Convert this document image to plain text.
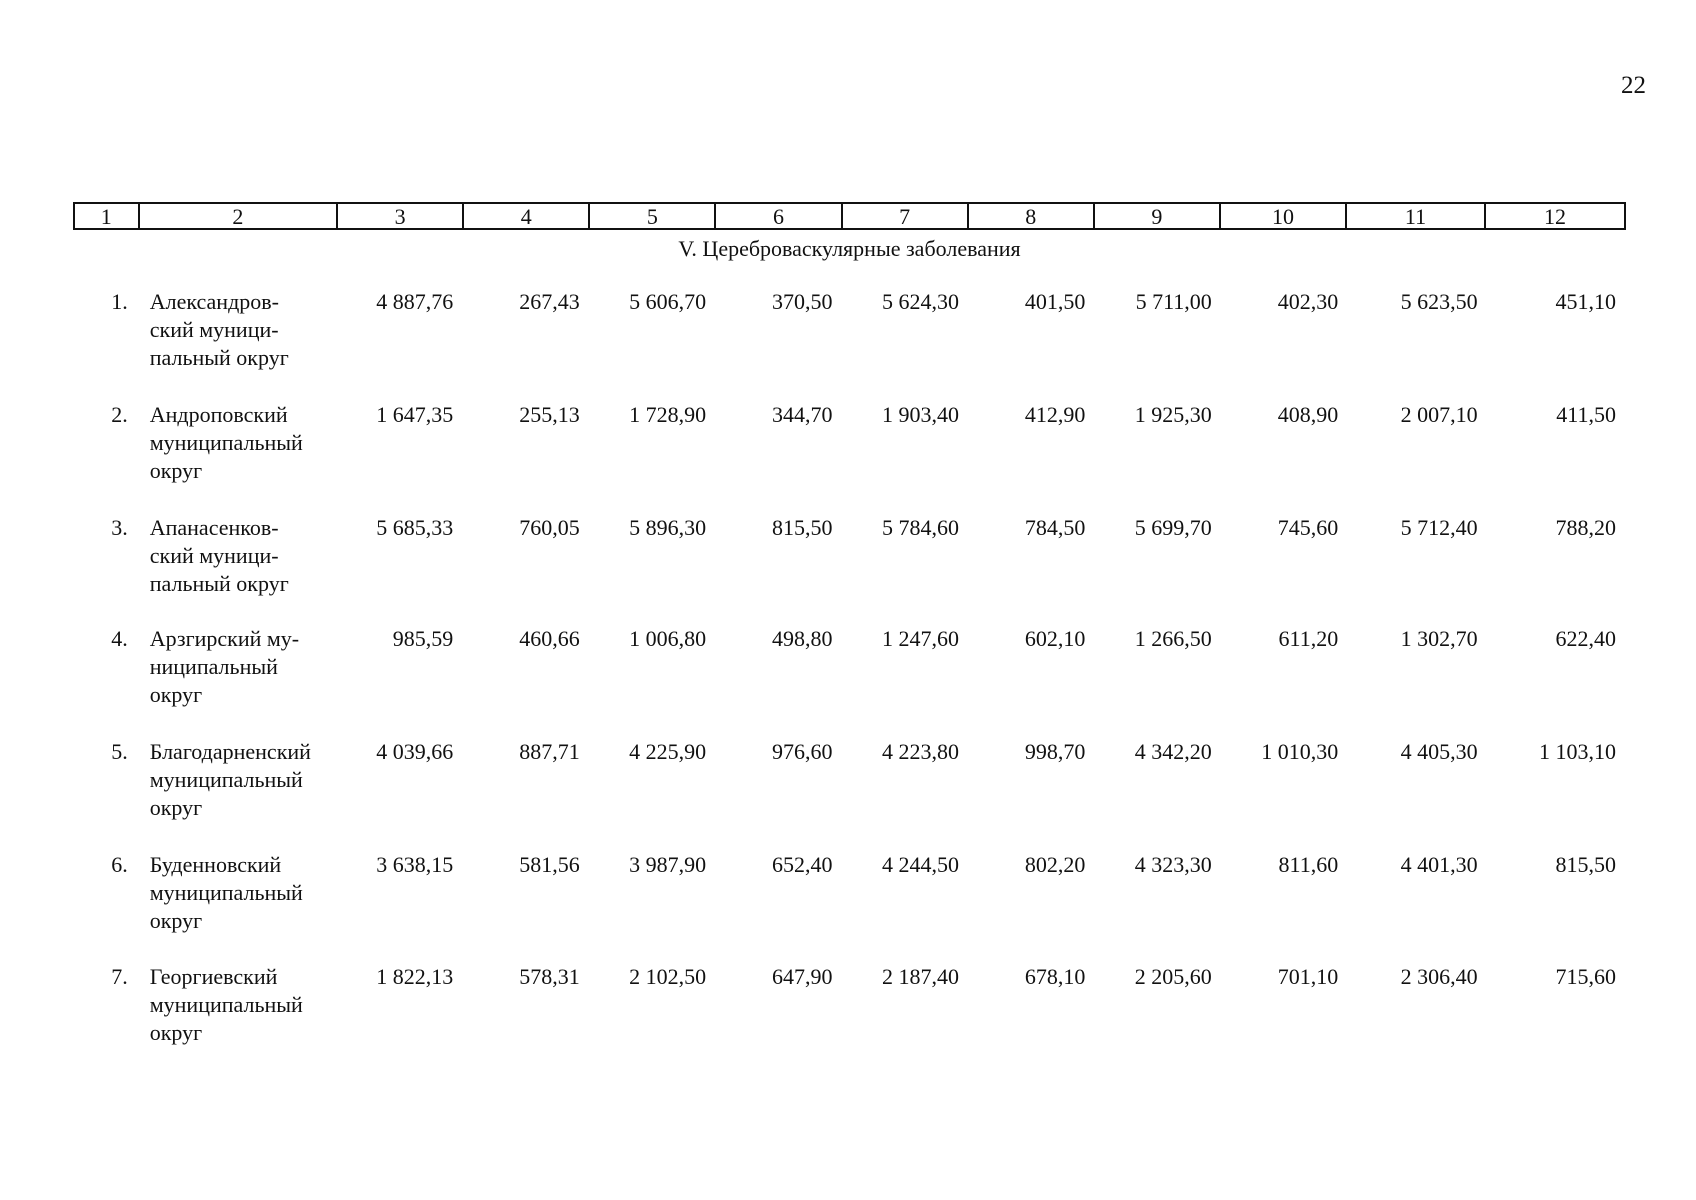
22
1	2	3	4	5	6	7	8	9	10	11	12
V. Цереброваскулярные заболевания
1. Александров-
ский муници-
пальный округ
4 887,76	267,43	5 606,70	370,50	5 624,30	401,50	5 711,00	402,30	5 623,50	451,10
2. Андроповский
муниципальный
округ
1 647,35	255,13	1 728,90	344,70	1 903,40	412,90	1 925,30	408,90	2 007,10	411,50
3. Апанасенков-
ский муници-
пальный округ
5 685,33	760,05	5 896,30	815,50	5 784,60	784,50	5 699,70	745,60	5 712,40	788,20
4. Арзгирский му-
ниципальный
округ
985,59	460,66	1 006,80	498,80	1 247,60	602,10	1 266,50	611,20	1 302,70	622,40
5. Благодарненский
муниципальный
округ
4 039,66	887,71	4 225,90	976,60	4 223,80	998,70	4 342,20	1 010,30	4 405,30	1 103,10
6. Буденновский
муниципальный
округ
3 638,15	581,56	3 987,90	652,40	4 244,50	802,20	4 323,30	811,60	4 401,30	815,50
7. Георгиевский
муниципальный
округ
1 822,13	578,31	2 102,50	647,90	2 187,40	678,10	2 205,60	701,10	2 306,40	715,60
